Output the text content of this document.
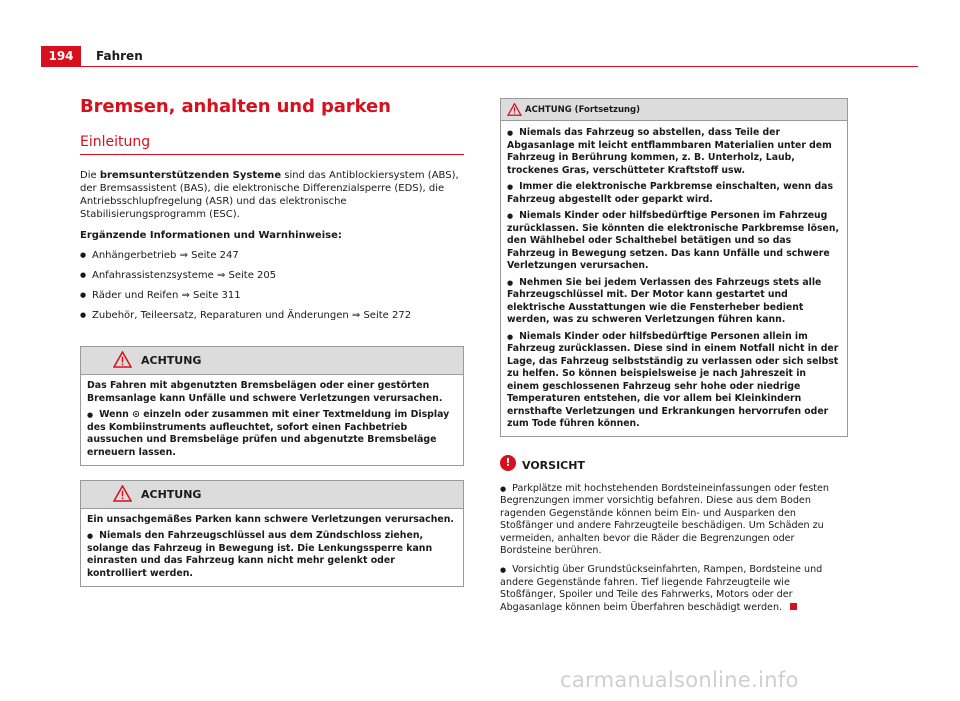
194	Fahren
Bremsen, anhalten und parken
Einleitung
Die bremsunterstützenden Systeme sind das Antiblockiersystem (ABS), der Bremsassistent (BAS), die elektronische Differenzialsperre (EDS), die Antriebsschlupfregelung (ASR) und das elektronische Stabilisierungsprogramm (ESC).
Ergänzende Informationen und Warnhinweise:
● Anhängerbetrieb ⇒ Seite 247
● Anfahrassistenzsysteme ⇒ Seite 205
● Räder und Reifen ⇒ Seite 311
● Zubehör, Teileersatz, Reparaturen und Änderungen ⇒ Seite 272
ACHTUNG
Das Fahren mit abgenutzten Bremsbelägen oder einer gestörten Bremsanlage kann Unfälle und schwere Verletzungen verursachen.
● Wenn ⊙ einzeln oder zusammen mit einer Textmeldung im Display des Kombiinstruments aufleuchtet, sofort einen Fachbetrieb aussuchen und Bremsbeläge prüfen und abgenutzte Bremsbeläge erneuern lassen.
ACHTUNG
Ein unsachgemäßes Parken kann schwere Verletzungen verursachen.
● Niemals den Fahrzeugschlüssel aus dem Zündschloss ziehen, solange das Fahrzeug in Bewegung ist. Die Lenkungssperre kann einrasten und das Fahrzeug kann nicht mehr gelenkt oder kontrolliert werden.
ACHTUNG (Fortsetzung)
● Niemals das Fahrzeug so abstellen, dass Teile der Abgasanlage mit leicht entflammbaren Materialien unter dem Fahrzeug in Berührung kommen, z. B. Unterholz, Laub, trockenes Gras, verschütteter Kraftstoff usw.
● Immer die elektronische Parkbremse einschalten, wenn das Fahrzeug abgestellt oder geparkt wird.
● Niemals Kinder oder hilfsbedürftige Personen im Fahrzeug zurücklassen. Sie könnten die elektronische Parkbremse lösen, den Wählhebel oder Schalthebel betätigen und so das Fahrzeug in Bewegung setzen. Das kann Unfälle und schwere Verletzungen verursachen.
● Nehmen Sie bei jedem Verlassen des Fahrzeugs stets alle Fahrzeugschlüssel mit. Der Motor kann gestartet und elektrische Ausstattungen wie die Fensterheber bedient werden, was zu schweren Verletzungen führen kann.
● Niemals Kinder oder hilfsbedürftige Personen allein im Fahrzeug zurücklassen. Diese sind in einem Notfall nicht in der Lage, das Fahrzeug selbstständig zu verlassen oder sich selbst zu helfen. So können beispielsweise je nach Jahreszeit in einem geschlossenen Fahrzeug sehr hohe oder niedrige Temperaturen entstehen, die vor allem bei Kleinkindern ernsthafte Verletzungen und Erkrankungen hervorrufen oder zum Tode führen können.
!	VORSICHT
● Parkplätze mit hochstehenden Bordsteineinfassungen oder festen Begrenzungen immer vorsichtig befahren. Diese aus dem Boden ragenden Gegenstände können beim Ein- und Ausparken den Stoßfänger und andere Fahrzeugteile beschädigen. Um Schäden zu vermeiden, anhalten bevor die Räder die Begrenzungen oder Bordsteine berühren.
● Vorsichtig über Grundstückseinfahrten, Rampen, Bordsteine und andere Gegenstände fahren. Tief liegende Fahrzeugteile wie Stoßfänger, Spoiler und Teile des Fahrwerks, Motors oder der Abgasanlage können beim Überfahren beschädigt werden.
carmanualsonline.info
